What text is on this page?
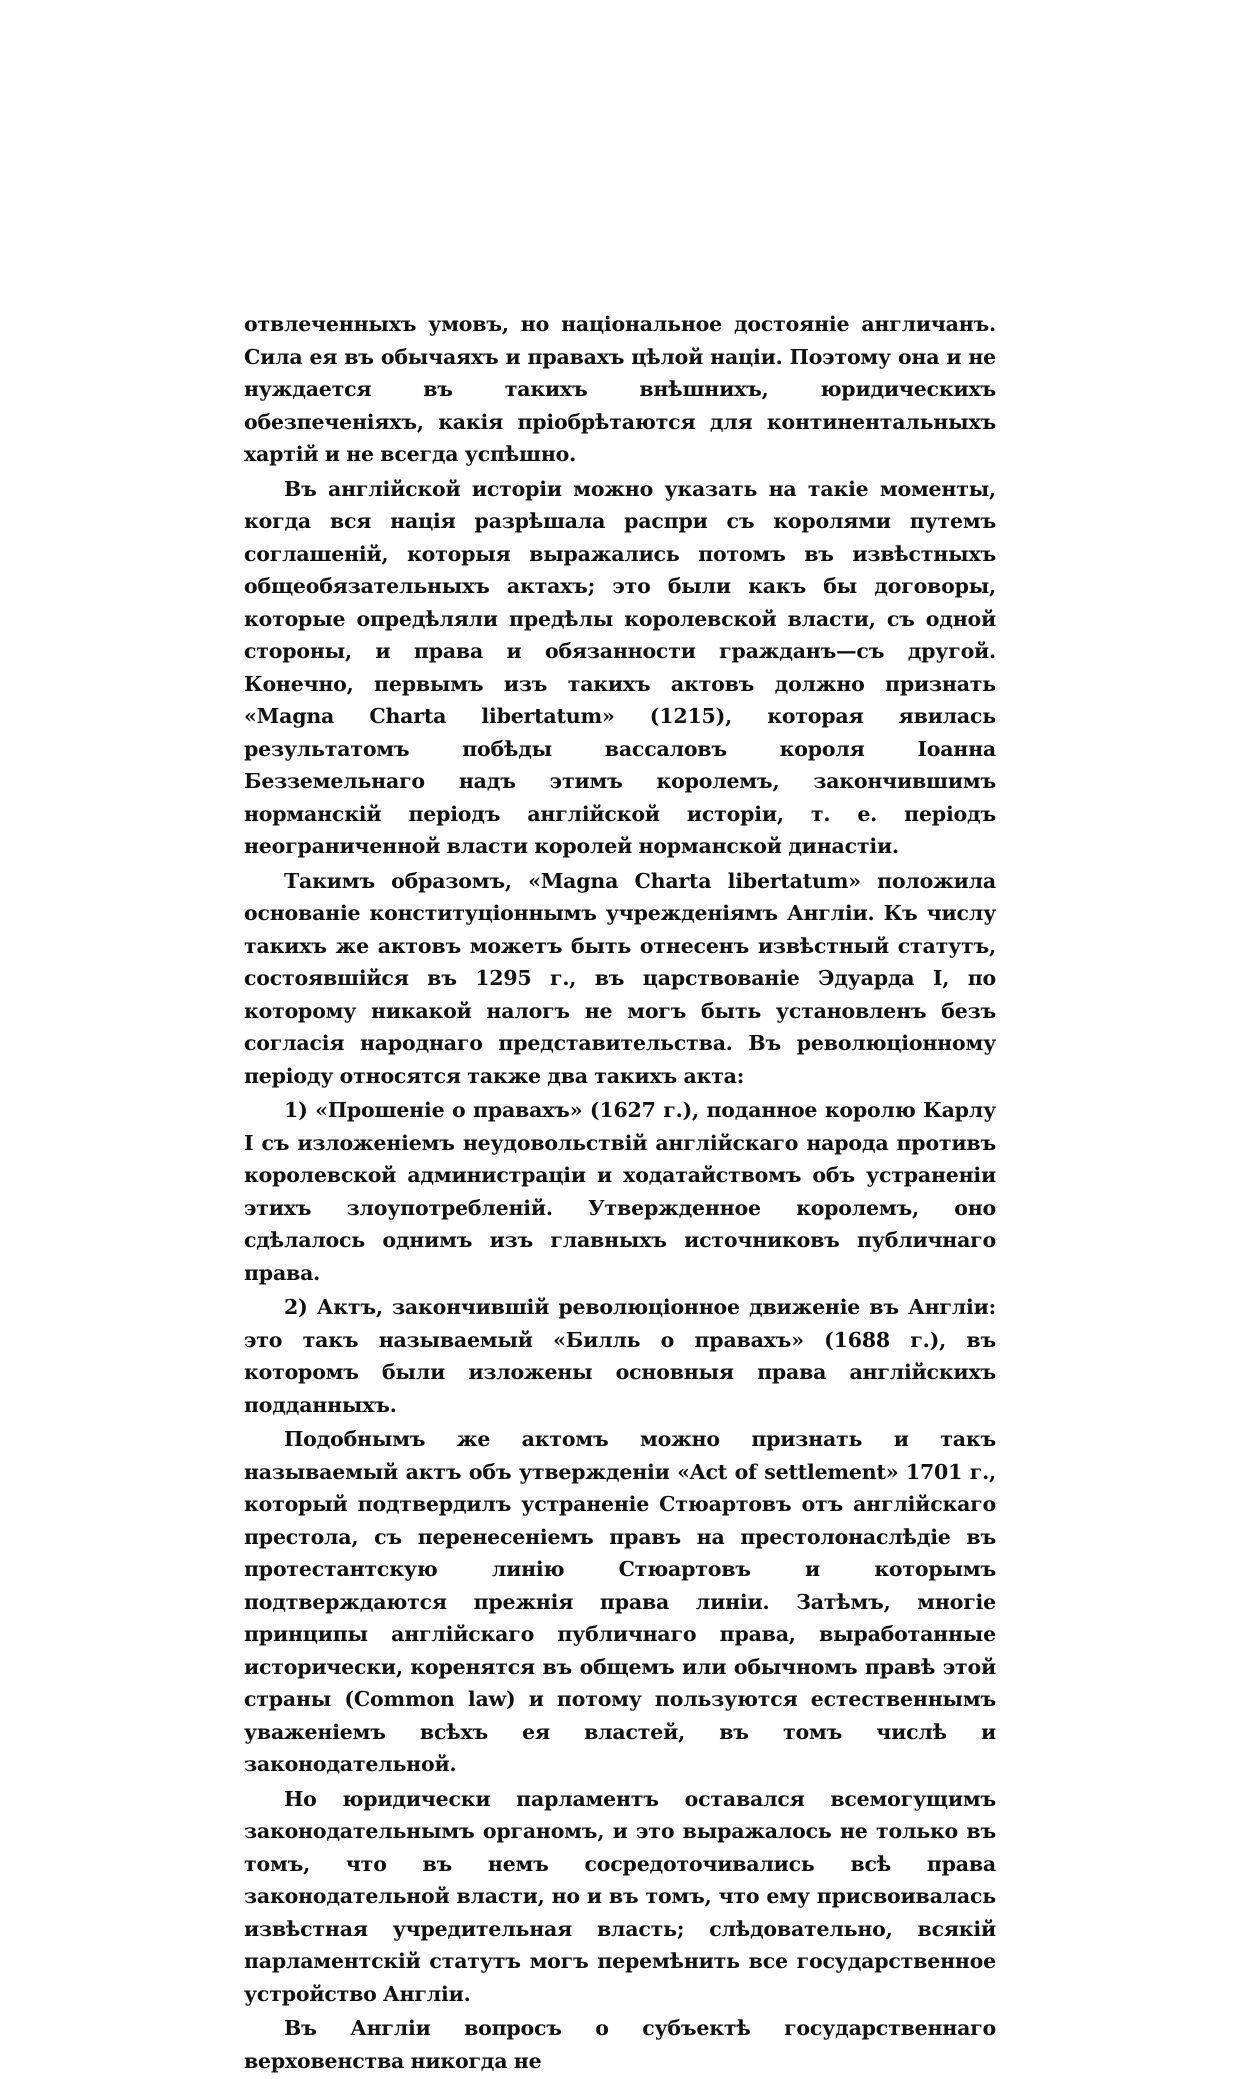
отвлеченныхъ умовъ, но національное достояніе англичанъ. Сила ея въ обычаяхъ и правахъ цѣлой націи. Поэтому она и не нуждается въ такихъ внѣшнихъ, юридическихъ обезпеченіяхъ, какія пріобрѣтаются для континентальныхъ хартій и не всегда успѣшно.

Въ англійской исторіи можно указать на такіе моменты, когда вся нація разрѣшала распри съ королями путемъ соглашеній, которыя выражались потомъ въ извѣстныхъ общеобязательныхъ актахъ; это были какъ бы договоры, которые опредѣляли предѣлы королевской власти, съ одной стороны, и права и обязанности гражданъ—съ другой. Конечно, первымъ изъ такихъ актовъ должно признать «Magna Charta libertatum» (1215), которая явилась результатомъ побѣды вассаловъ короля Іоанна Безземельнаго надъ этимъ королемъ, закончившимъ норманскій періодъ англійской исторіи, т. е. періодъ неограниченной власти королей норманской династіи.

Такимъ образомъ, «Magna Charta libertatum» положила основаніе конституціоннымъ учрежденіямъ Англіи. Къ числу такихъ же актовъ можетъ быть отнесенъ извѣстный статутъ, состоявшійся въ 1295 г., въ царствованіе Эдуарда I, по которому никакой налогъ не могъ быть установленъ безъ согласія народнаго представительства. Въ революціонному періоду относятся также два такихъ акта:

1) «Прошеніе о правахъ» (1627 г.), поданное королю Карлу I съ изложеніемъ неудовольствій англійскаго народа противъ королевской администраціи и ходатайствомъ объ устраненіи этихъ злоупотребленій. Утвержденное королемъ, оно сдѣлалось однимъ изъ главныхъ источниковъ публичнаго права.

2) Актъ, закончившій революціонное движеніе въ Англіи: это такъ называемый «Билль о правахъ» (1688 г.), въ которомъ были изложены основныя права англійскихъ подданныхъ.

Подобнымъ же актомъ можно признать и такъ называемый актъ объ утвержденіи «Act of settlement» 1701 г., который подтвердилъ устраненіе Стюартовъ отъ англійскаго престола, съ перенесеніемъ правъ на престолонаслѣдіе въ протестантскую линію Стюартовъ и которымъ подтверждаются прежнія права линіи. Затѣмъ, многіе принципы англійскаго публичнаго права, выработанные исторически, коренятся въ общемъ или обычномъ правѣ этой страны (Common law) и потому пользуются естественнымъ уваженіемъ всѣхъ ея властей, въ томъ числѣ и законодательной.

Но юридически парламентъ оставался всемогущимъ законодательнымъ органомъ, и это выражалось не только въ томъ, что въ немъ сосредоточивались всѣ права законодательной власти, но и въ томъ, что ему присвоивалась извѣстная учредительная власть; слѣдовательно, всякій парламентскій статутъ могъ перемѣнить все государственное устройство Англіи.

Въ Англіи вопросъ о субъектѣ государственнаго верховенства никогда не
